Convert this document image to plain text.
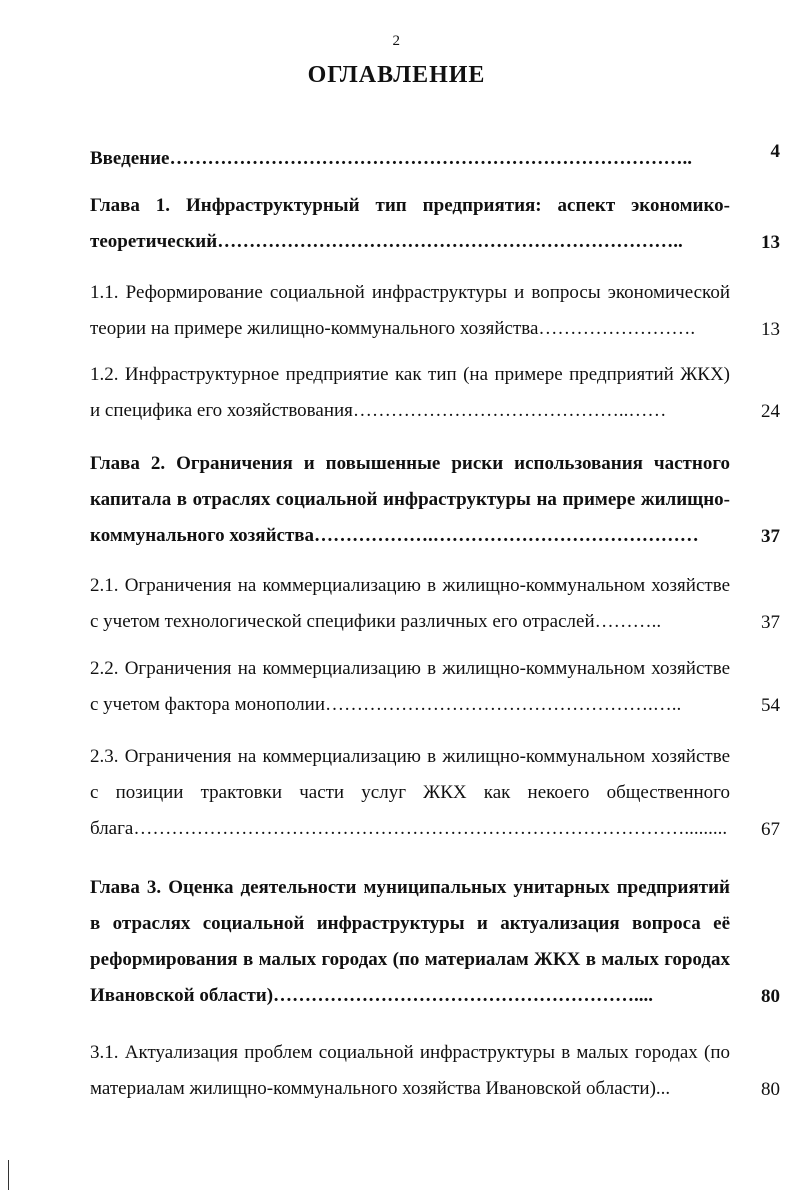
2
ОГЛАВЛЕНИЕ
Введение………………………………………………………………………..	4
Глава 1. Инфраструктурный тип предприятия: аспект экономико-теоретический………………………………………………………………..	13
1.1. Реформирование социальной инфраструктуры и вопросы экономической теории на примере жилищно-коммунального хозяйства…………………….	13
1.2. Инфраструктурное предприятие как тип (на примере предприятий ЖКХ) и специфика его хозяйствования……………………………………..……	24
Глава 2. Ограничения и повышенные риски использования частного капитала в отраслях социальной инфраструктуры на примере жилищно-коммунального хозяйства……………….……………………………………	37
2.1. Ограничения на коммерциализацию в жилищно-коммунальном хозяйстве с учетом технологической специфики различных его отраслей………..	37
2.2. Ограничения на коммерциализацию в жилищно-коммунальном хозяйстве с учетом фактора монополии…………………………………………….…..	54
2.3. Ограничения на коммерциализацию в жилищно-коммунальном хозяйстве с позиции трактовки части услуг ЖКХ как некоего общественного блага…………………………………………………………………………….........	67
Глава 3. Оценка деятельности муниципальных унитарных предприятий в отраслях социальной инфраструктуры и актуализация вопроса её реформирования в малых городах (по материалам ЖКХ в малых городах Ивановской области)…………………………………………………....	80
3.1. Актуализация проблем социальной инфраструктуры в малых городах (по материалам жилищно-коммунального хозяйства Ивановской области)...	80
